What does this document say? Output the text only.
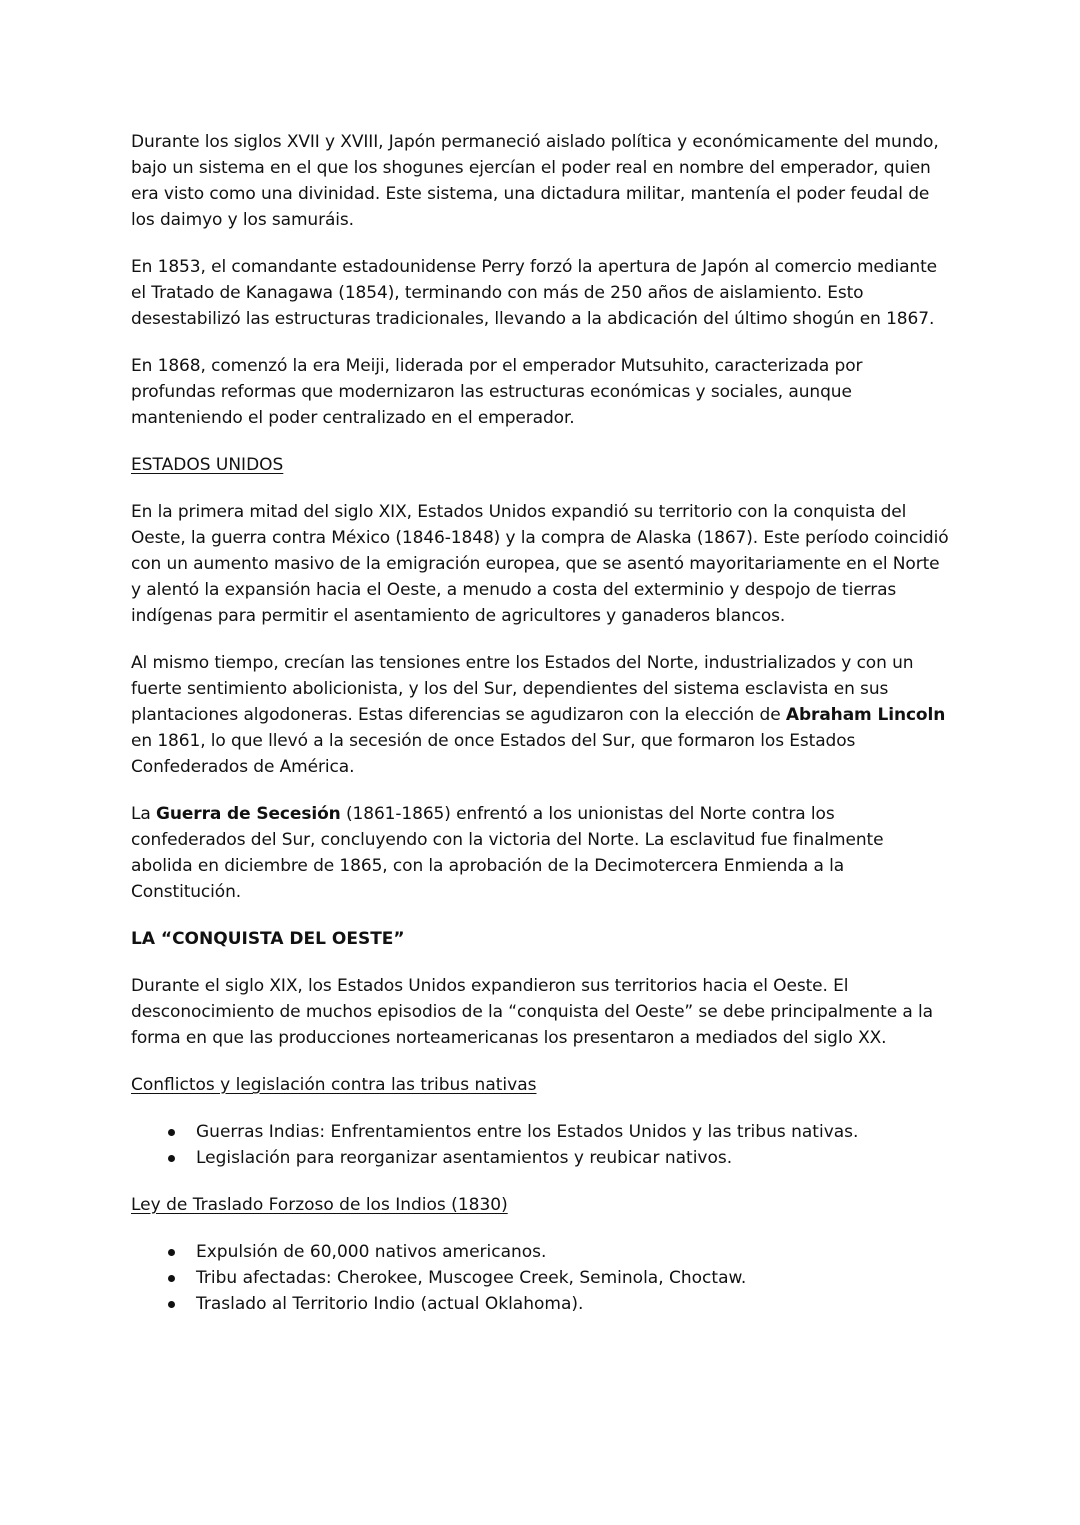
Durante los siglos XVII y XVIII, Japón permaneció aislado política y económicamente del mundo, bajo un sistema en el que los shogunes ejercían el poder real en nombre del emperador, quien era visto como una divinidad. Este sistema, una dictadura militar, mantenía el poder feudal de los daimyo y los samuráis.

En 1853, el comandante estadounidense Perry forzó la apertura de Japón al comercio mediante el Tratado de Kanagawa (1854), terminando con más de 250 años de aislamiento. Esto desestabilizó las estructuras tradicionales, llevando a la abdicación del último shogún en 1867.

En 1868, comenzó la era Meiji, liderada por el emperador Mutsuhito, caracterizada por profundas reformas que modernizaron las estructuras económicas y sociales, aunque manteniendo el poder centralizado en el emperador.

ESTADOS UNIDOS

En la primera mitad del siglo XIX, Estados Unidos expandió su territorio con la conquista del Oeste, la guerra contra México (1846-1848) y la compra de Alaska (1867). Este período coincidió con un aumento masivo de la emigración europea, que se asentó mayoritariamente en el Norte y alentó la expansión hacia el Oeste, a menudo a costa del exterminio y despojo de tierras indígenas para permitir el asentamiento de agricultores y ganaderos blancos.

Al mismo tiempo, crecían las tensiones entre los Estados del Norte, industrializados y con un fuerte sentimiento abolicionista, y los del Sur, dependientes del sistema esclavista en sus plantaciones algodoneras. Estas diferencias se agudizaron con la elección de Abraham Lincoln en 1861, lo que llevó a la secesión de once Estados del Sur, que formaron los Estados Confederados de América.

La Guerra de Secesión (1861-1865) enfrentó a los unionistas del Norte contra los confederados del Sur, concluyendo con la victoria del Norte. La esclavitud fue finalmente abolida en diciembre de 1865, con la aprobación de la Decimotercera Enmienda a la Constitución.

LA “CONQUISTA DEL OESTE”

Durante el siglo XIX, los Estados Unidos expandieron sus territorios hacia el Oeste. El desconocimiento de muchos episodios de la “conquista del Oeste” se debe principalmente a la forma en que las producciones norteamericanas los presentaron a mediados del siglo XX.

Conflictos y legislación contra las tribus nativas
Guerras Indias: Enfrentamientos entre los Estados Unidos y las tribus nativas.
Legislación para reorganizar asentamientos y reubicar nativos.
Ley de Traslado Forzoso de los Indios (1830)
Expulsión de 60,000 nativos americanos.
Tribu afectadas: Cherokee, Muscogee Creek, Seminola, Choctaw.
Traslado al Territorio Indio (actual Oklahoma).
